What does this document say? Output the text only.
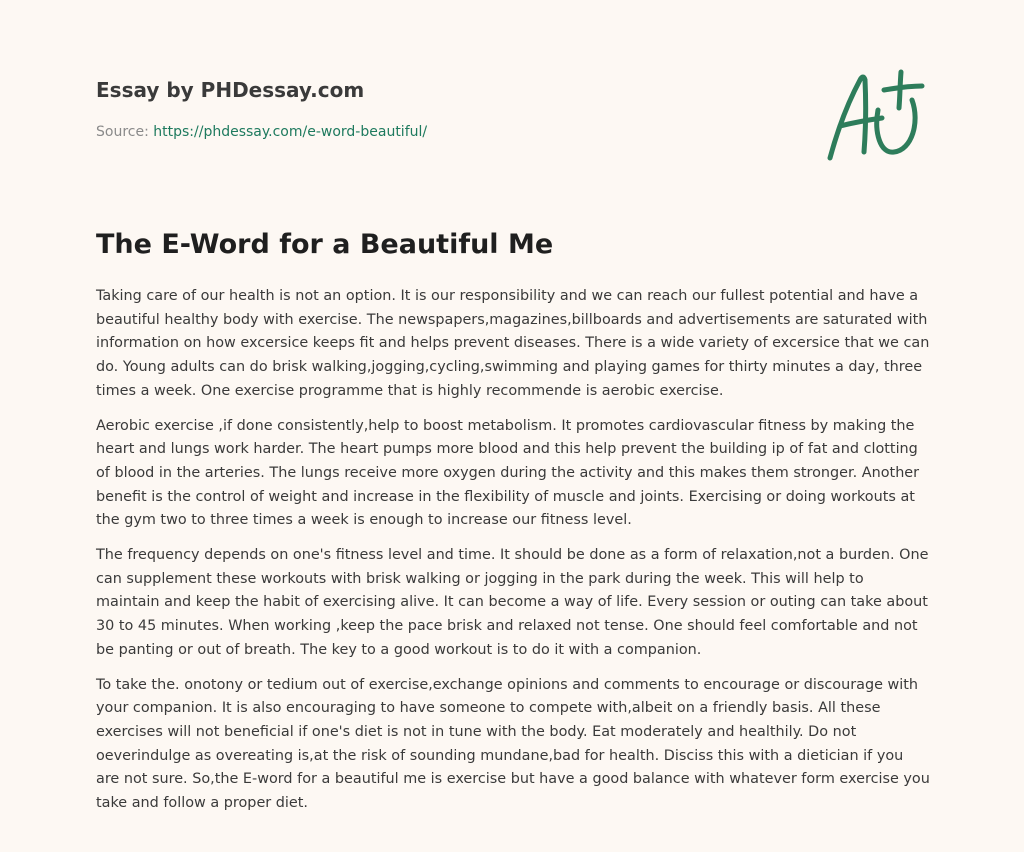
Essay by PHDessay.com
Source: https://phdessay.com/e-word-beautiful/
The E-Word for a Beautiful Me

Taking care of our health is not an option. It is our responsibility and we can reach our fullest potential and have a beautiful healthy body with exercise. The newspapers,magazines,billboards and advertisements are saturated with information on how excersice keeps fit and helps prevent diseases. There is a wide variety of excersice that we can do. Young adults can do brisk walking,jogging,cycling,swimming and playing games for thirty minutes a day, three times a week. One exercise programme that is highly recommende is aerobic exercise.

Aerobic exercise ,if done consistently,help to boost metabolism. It promotes cardiovascular fitness by making the heart and lungs work harder. The heart pumps more blood and this help prevent the building ip of fat and clotting of blood in the arteries. The lungs receive more oxygen during the activity and this makes them stronger. Another benefit is the control of weight and increase in the flexibility of muscle and joints. Exercising or doing workouts at the gym two to three times a week is enough to increase our fitness level.

The frequency depends on one's fitness level and time. It should be done as a form of relaxation,not a burden. One can supplement these workouts with brisk walking or jogging in the park during the week. This will help to maintain and keep the habit of exercising alive. It can become a way of life. Every session or outing can take about 30 to 45 minutes. When working ,keep the pace brisk and relaxed not tense. One should feel comfortable and not be panting or out of breath. The key to a good workout is to do it with a companion.

To take the. onotony or tedium out of exercise,exchange opinions and comments to encourage or discourage with your companion. It is also encouraging to have someone to compete with,albeit on a friendly basis. All these exercises will not beneficial if one's diet is not in tune with the body. Eat moderately and healthily. Do not oeverindulge as overeating is,at the risk of sounding mundane,bad for health. Disciss this with a dietician if you are not sure. So,the E-word for a beautiful me is exercise but have a good balance with whatever form exercise you take and follow a proper diet.
